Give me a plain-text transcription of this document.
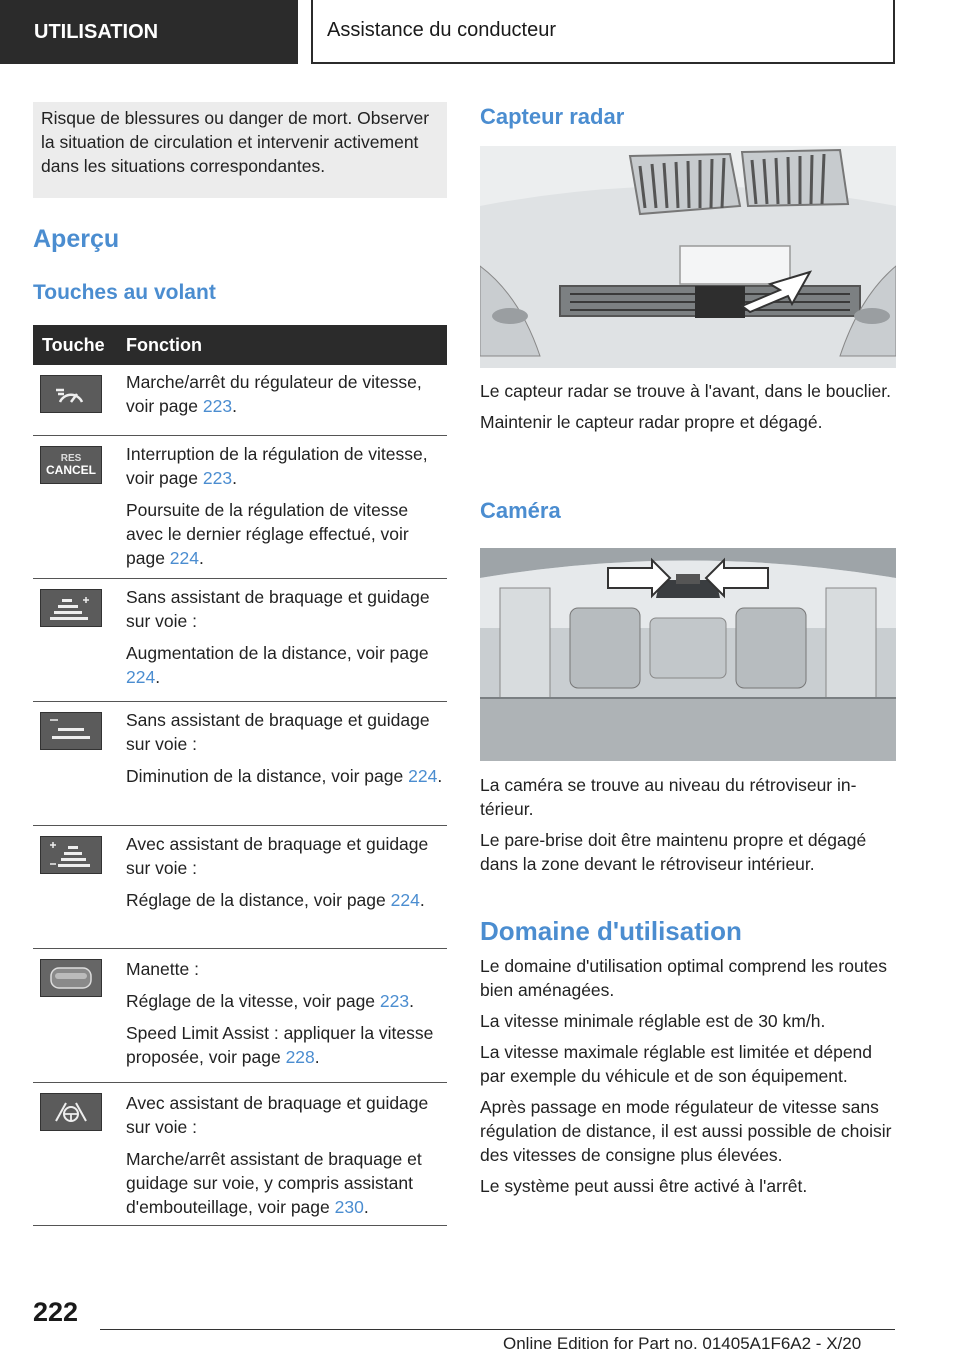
UTILISATION	Assistance du conducteur
Risque de blessures ou danger de mort. Observer la situation de circulation et intervenir activement dans les situations correspondantes.
Aperçu
Touches au volant
Touche Fonction

Marche/arrêt du régulateur de vitesse, voir page 223.

RES
CANCEL

Interruption de la régulation de vitesse, voir page 223.

Poursuite de la régulation de vitesse avec le dernier réglage effectué, voir page 224.

Sans assistant de braquage et guidage sur voie :

Augmentation de la distance, voir page 224.

Sans assistant de braquage et guidage sur voie :

Diminution de la distance, voir page 224.

Avec assistant de braquage et guidage sur voie :

Réglage de la distance, voir page 224.

Manette :

Réglage de la vitesse, voir page 223.

Speed Limit Assist : appliquer la vitesse proposée, voir page 228.

Avec assistant de braquage et guidage sur voie :

Marche/arrêt assistant de braquage et guidage sur voie, y compris assistant d'embouteillage, voir page 230.

Capteur radar

Le capteur radar se trouve à l'avant, dans le bouclier.

Maintenir le capteur radar propre et dégagé.

Caméra

La caméra se trouve au niveau du rétroviseur intérieur.

Le pare-brise doit être maintenu propre et dégagé dans la zone devant le rétroviseur intérieur.

Domaine d'utilisation

Le domaine d'utilisation optimal comprend les routes bien aménagées.

La vitesse minimale réglable est de 30 km/h.

La vitesse maximale réglable est limitée et dépend par exemple du véhicule et de son équipement.

Après passage en mode régulateur de vitesse sans régulation de distance, il est aussi possible de choisir des vitesses de consigne plus élevées.

Le système peut aussi être activé à l'arrêt.

222
Online Edition for Part no. 01405A1F6A2 - X/20
